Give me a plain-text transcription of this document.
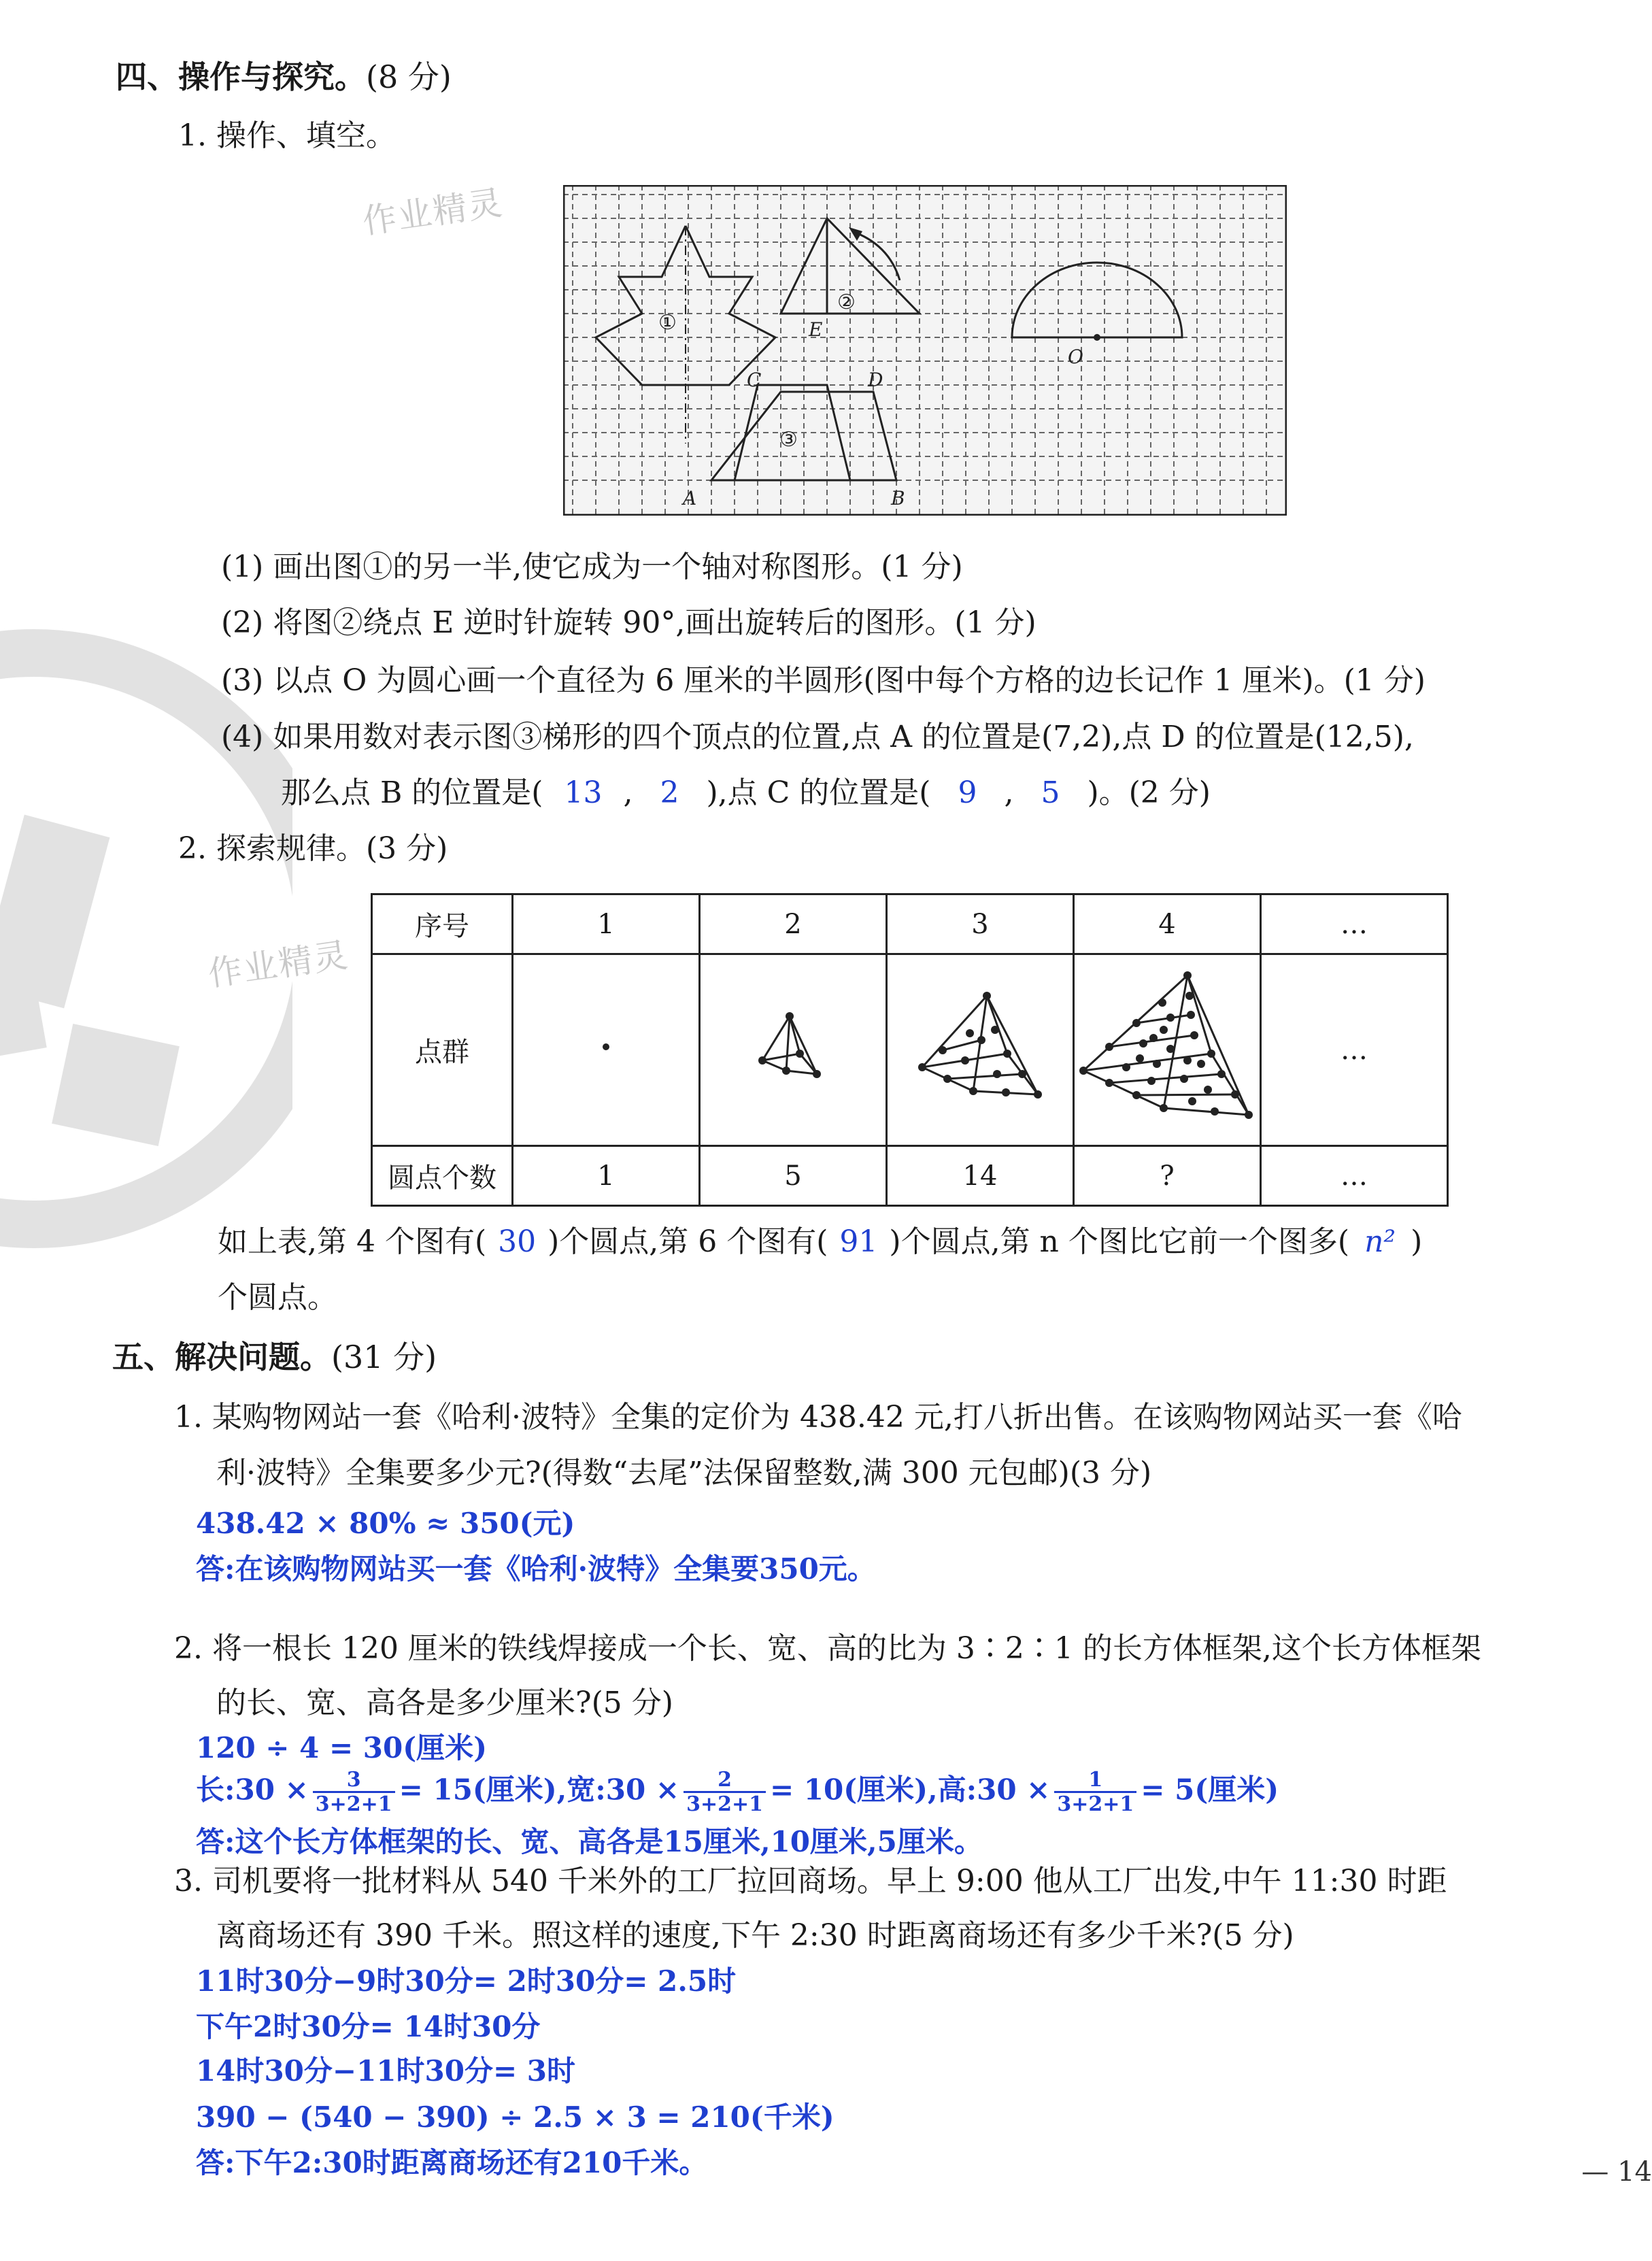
作业精灵
作业精灵
四、操作与探究。(8 分)
1. 操作、填空。
①
②
③
E
O
C	D
A	B
(1) 画出图①的另一半,使它成为一个轴对称图形。(1 分)
(2) 将图②绕点 E 逆时针旋转 90°,画出旋转后的图形。(1 分)
(3) 以点 O 为圆心画一个直径为 6 厘米的半圆形(图中每个方格的边长记作 1 厘米)。(1 分)
(4) 如果用数对表示图③梯形的四个顶点的位置,点 A 的位置是(7,2),点 D 的位置是(12,5),
那么点 B 的位置是( 13 , 2 ),点 C 的位置是( 9 , 5 )。(2 分)
2. 探索规律。(3 分)
序号	1	2	3	4	…
点群					…
圆点个数	1	5	14	?	…
如上表,第 4 个图有( 30 )个圆点,第 6 个图有( 91 )个圆点,第 n 个图比它前一个图多( n² )
个圆点。
五、解决问题。(31 分)
1. 某购物网站一套《哈利·波特》全集的定价为 438.42 元,打八折出售。在该购物网站买一套《哈
利·波特》全集要多少元?(得数“去尾”法保留整数,满 300 元包邮)(3 分)
438.42 × 80% ≈ 350(元)
答:在该购物网站买一套《哈利·波特》全集要350元。
2. 将一根长 120 厘米的铁线焊接成一个长、宽、高的比为 3∶2∶1 的长方体框架,这个长方体框架
的长、宽、高各是多少厘米?(5 分)
120 ÷ 4 = 30(厘米)
长:30 × $\frac{3}{3+2+1} = 15$(厘米),宽:30 × $\frac{2}{3+2+1} = 10$(厘米),高:30 × $\frac{1}{3+2+1} = 5$(厘米)
答:这个长方体框架的长、宽、高各是15厘米,10厘米,5厘米。
3. 司机要将一批材料从 540 千米外的工厂拉回商场。早上 9:00 他从工厂出发,中午 11:30 时距
离商场还有 390 千米。照这样的速度,下午 2:30 时距离商场还有多少千米?(5 分)
11时30分−9时30分= 2时30分= 2.5时
下午2时30分= 14时30分
14时30分−11时30分= 3时
390 − (540 − 390) ÷ 2.5 × 3 = 210(千米)
答:下午2:30时距离商场还有210千米。	— 14
